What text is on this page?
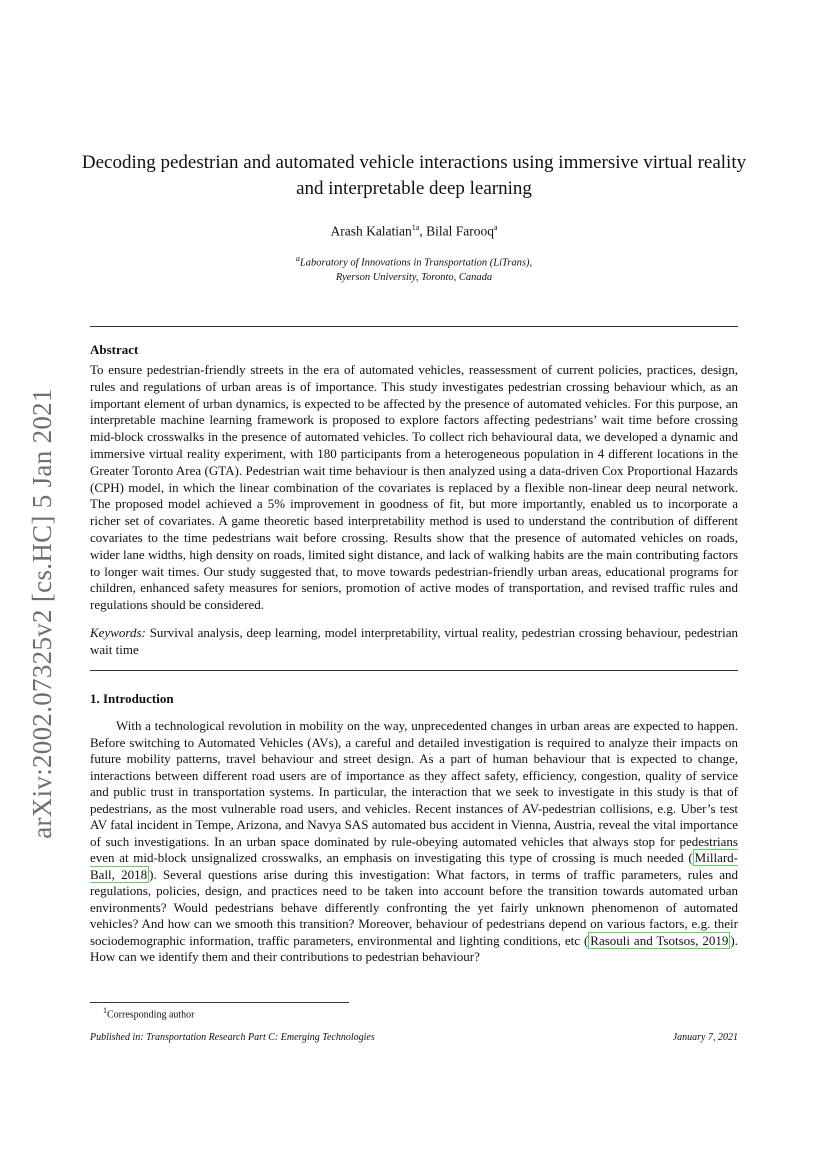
arXiv:2002.07325v2 [cs.HC] 5 Jan 2021
Decoding pedestrian and automated vehicle interactions using immersive virtual reality and interpretable deep learning
Arash Kalatian$^{1a}$, Bilal Farooq$^a$
$^a$Laboratory of Innovations in Transportation (LiTrans),
Ryerson University, Toronto, Canada
Abstract
To ensure pedestrian-friendly streets in the era of automated vehicles, reassessment of current policies, practices, design, rules and regulations of urban areas is of importance. This study investigates pedestrian crossing behaviour which, as an important element of urban dynamics, is expected to be affected by the presence of automated vehicles. For this purpose, an interpretable machine learning framework is proposed to explore factors affecting pedestrians’ wait time before crossing mid-block crosswalks in the presence of automated vehicles. To collect rich behavioural data, we developed a dynamic and immersive virtual reality experiment, with 180 participants from a heterogeneous population in 4 different locations in the Greater Toronto Area (GTA). Pedestrian wait time behaviour is then analyzed using a data-driven Cox Proportional Hazards (CPH) model, in which the linear combination of the covariates is replaced by a flexible non-linear deep neural network. The proposed model achieved a 5% improvement in goodness of fit, but more importantly, enabled us to incorporate a richer set of covariates. A game theoretic based interpretability method is used to understand the contribution of different covariates to the time pedestrians wait before crossing. Results show that the presence of automated vehicles on roads, wider lane widths, high density on roads, limited sight distance, and lack of walking habits are the main contributing factors to longer wait times. Our study suggested that, to move towards pedestrian-friendly urban areas, educational programs for children, enhanced safety measures for seniors, promotion of active modes of transportation, and revised traffic rules and regulations should be considered.
Keywords: Survival analysis, deep learning, model interpretability, virtual reality, pedestrian crossing behaviour, pedestrian wait time
1. Introduction
With a technological revolution in mobility on the way, unprecedented changes in urban areas are expected to happen. Before switching to Automated Vehicles (AVs), a careful and detailed investigation is required to analyze their impacts on future mobility patterns, travel behaviour and street design. As a part of human behaviour that is expected to change, interactions between different road users are of importance as they affect safety, efficiency, congestion, quality of service and public trust in transportation systems. In particular, the interaction that we seek to investigate in this study is that of pedestrians, as the most vulnerable road users, and vehicles. Recent instances of AV-pedestrian collisions, e.g. Uber’s test AV fatal incident in Tempe, Arizona, and Navya SAS automated bus accident in Vienna, Austria, reveal the vital importance of such investigations. In an urban space dominated by rule-obeying automated vehicles that always stop for pedestrians even at mid-block unsignalized crosswalks, an emphasis on investigating this type of crossing is much needed ( Millard-Ball, 2018 ). Several questions arise during this investigation: What factors, in terms of traffic parameters, rules and regulations, policies, design, and practices need to be taken into account before the transition towards automated urban environments? Would pedestrians behave differently confronting the yet fairly unknown phenomenon of automated vehicles? And how can we smooth this transition? Moreover, behaviour of pedestrians depend on various factors, e.g. their sociodemographic information, traffic parameters, environmental and lighting conditions, etc ( Rasouli and Tsotsos, 2019 ). How can we identify them and their contributions to pedestrian behaviour?
$^1$Corresponding author
Published in: Transportation Research Part C: Emerging Technologies	January 7, 2021
